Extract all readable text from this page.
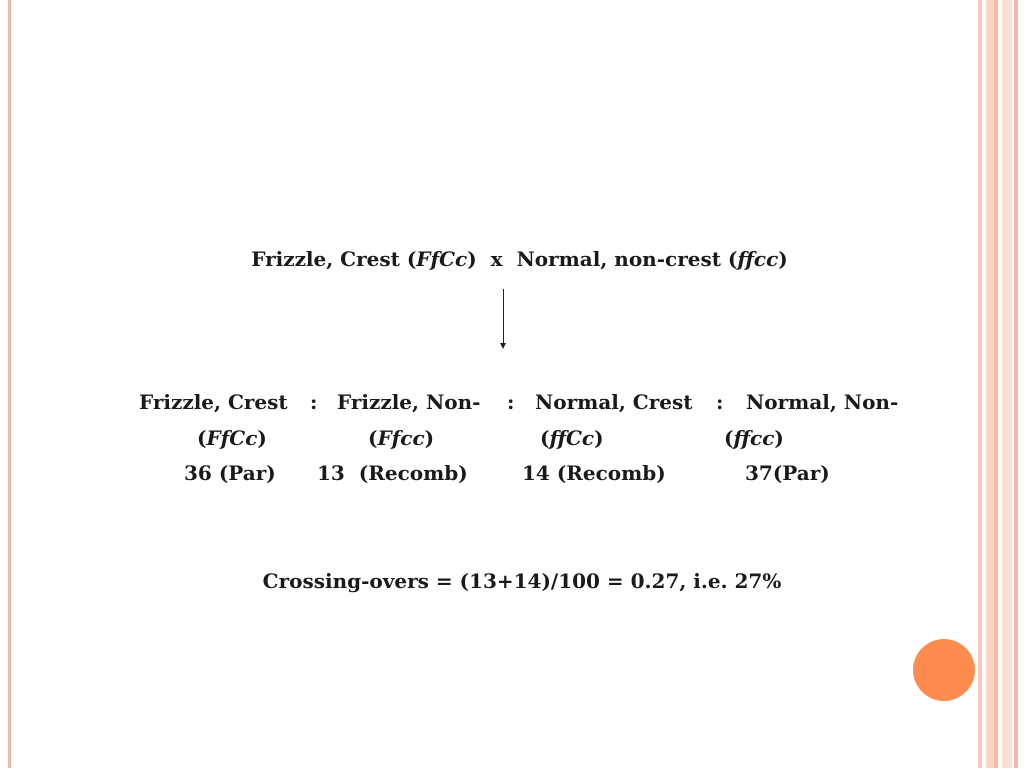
Frizzle, Crest (FfCc) x Normal, non-crest (ffcc)
Frizzle, Crest : Frizzle, Non- : Normal, Crest : Normal, Non-
(FfCc)	(Ffcc)	(ffCc)	(ffcc)
36 (Par) 13 (Recomb)	14 (Recomb)	37(Par)
Crossing-overs = (13+14)/100 = 0.27, i.e. 27%
